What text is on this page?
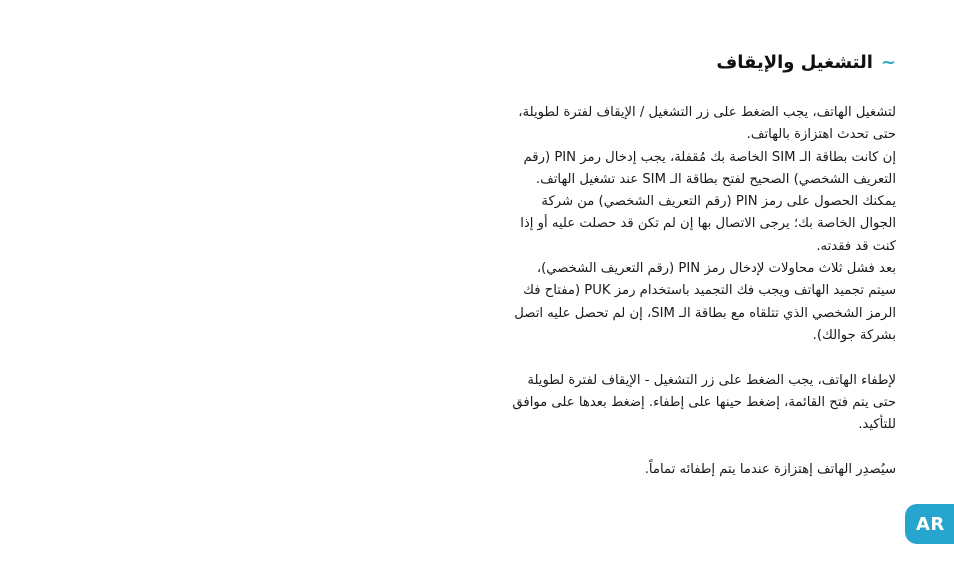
~
التشغيل والإيقاف

لتشغيل الهاتف، يجب الضغط على زر التشغيل / الإيقاف لفترة لطويلة، حتى تحدث اهتزازة بالهاتف.

إن كانت بطاقة الـ SIM الخاصة بك مُقفلة، يجب إدخال رمز PIN (رقم التعريف الشخصي) الصحيح لفتح بطاقة الـ SIM عند تشغيل الهاتف.

يمكنك الحصول على رمز PIN (رقم التعريف الشخصي) من شركة الجوال الخاصة بك؛ يرجى الاتصال بها إن لم تكن قد حصلت عليه أو إذا كنت قد فقدته.

بعد فشل ثلاث محاولات لإدخال رمز PIN (رقم التعريف الشخصي)، سيتم تجميد الهاتف ويجب فك التجميد باستخدام رمز PUK (مفتاح فك الرمز الشخصي الذي تتلقاه مع بطاقة الـ SIM، إن لم تحصل عليه اتصل بشركة جوالك).

لإطفاء الهاتف، يجب الضغط على زر التشغيل - الإيقاف لفترة لطويلة حتى يتم فتح القائمة، إضغط حينها على إطفاء. إضغط بعدها على موافق للتأكيد.

سيُصدِر الهاتف إهتزازة عندما يتم إطفائه تماماً.

AR
